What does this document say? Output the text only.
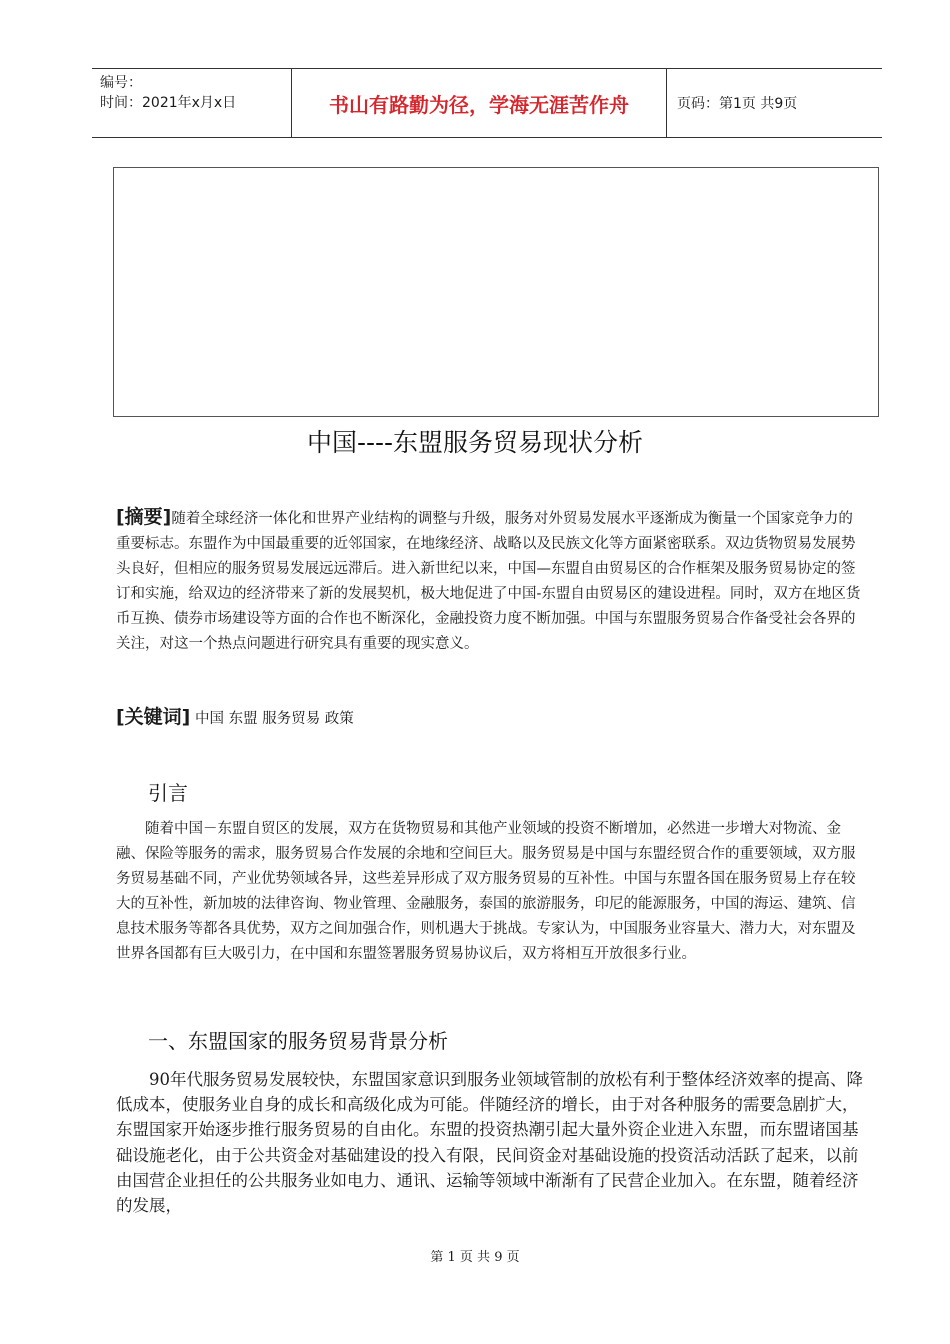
编号：
时间：2021年x月x日	书山有路勤为径，学海无涯苦作舟	页码：第1页 共9页
中国----东盟服务贸易现状分析
[摘要]随着全球经济一体化和世界产业结构的调整与升级，服务对外贸易发展水平逐渐成为衡量一个国家竞争力的重要标志。东盟作为中国最重要的近邻国家，在地缘经济、战略以及民族文化等方面紧密联系。双边货物贸易发展势头良好，但相应的服务贸易发展远远滞后。进入新世纪以来，中国—东盟自由贸易区的合作框架及服务贸易协定的签订和实施，给双边的经济带来了新的发展契机，极大地促进了中国-东盟自由贸易区的建设进程。同时，双方在地区货币互换、债券市场建设等方面的合作也不断深化，金融投资力度不断加强。中国与东盟服务贸易合作备受社会各界的关注，对这一个热点问题进行研究具有重要的现实意义。
[关键词] 中国 东盟 服务贸易 政策
引言
随着中国－东盟自贸区的发展，双方在货物贸易和其他产业领域的投资不断增加，必然进一步增大对物流、金融、保险等服务的需求，服务贸易合作发展的余地和空间巨大。服务贸易是中国与东盟经贸合作的重要领域，双方服务贸易基础不同，产业优势领域各异，这些差异形成了双方服务贸易的互补性。中国与东盟各国在服务贸易上存在较大的互补性，新加坡的法律咨询、物业管理、金融服务，泰国的旅游服务，印尼的能源服务，中国的海运、建筑、信息技术服务等都各具优势，双方之间加强合作，则机遇大于挑战。专家认为，中国服务业容量大、潜力大，对东盟及世界各国都有巨大吸引力，在中国和东盟签署服务贸易协议后，双方将相互开放很多行业。
一、东盟国家的服务贸易背景分析
90年代服务贸易发展较快，东盟国家意识到服务业领域管制的放松有利于整体经济效率的提高、降低成本，使服务业自身的成长和高级化成为可能。伴随经济的增长，由于对各种服务的需要急剧扩大，东盟国家开始逐步推行服务贸易的自由化。东盟的投资热潮引起大量外资企业进入东盟，而东盟诸国基础设施老化，由于公共资金对基础建设的投入有限，民间资金对基础设施的投资活动活跃了起来，以前由国营企业担任的公共服务业如电力、通讯、运输等领域中渐渐有了民营企业加入。在东盟，随着经济的发展，
第 1 页 共 9 页
